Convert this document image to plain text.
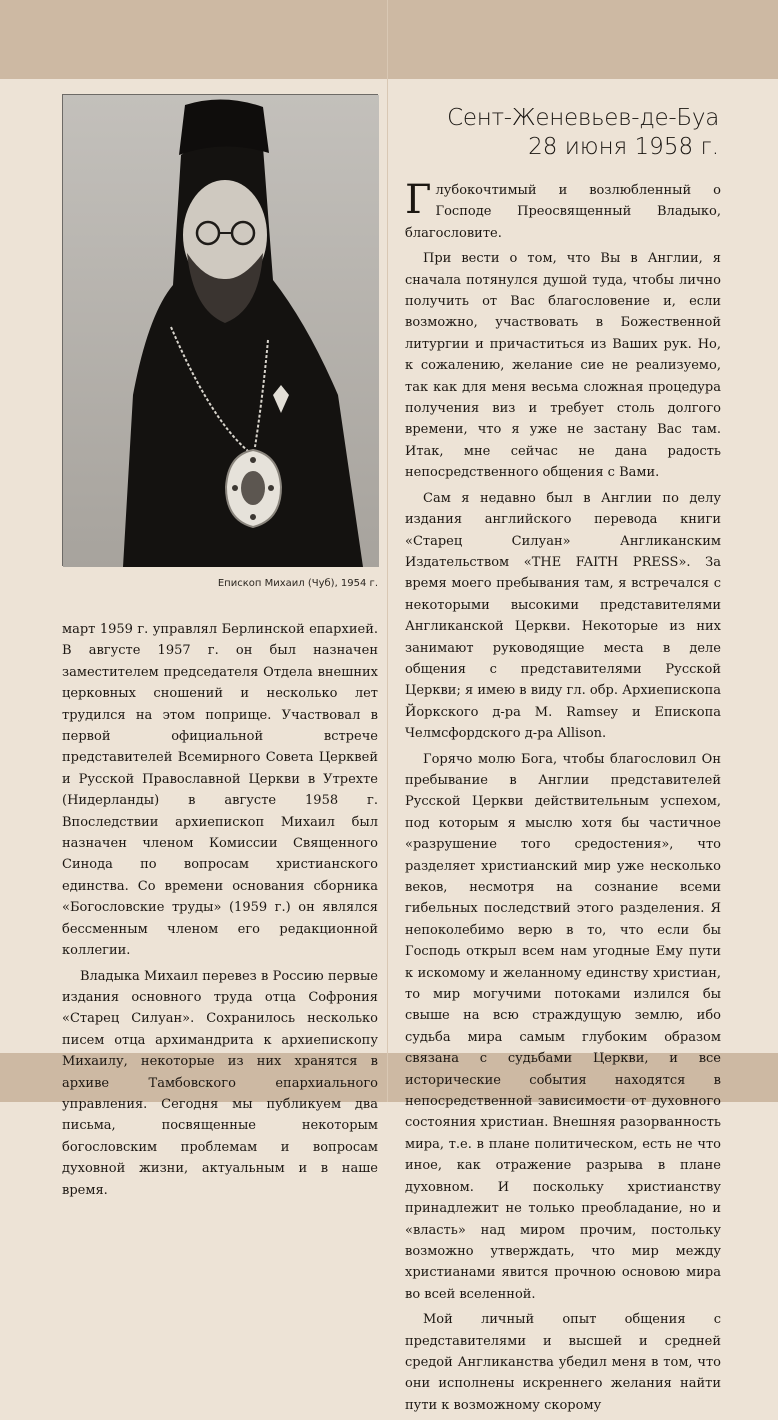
Епископ Михаил (Чуб), 1954 г.

март 1959 г. управлял Берлинской епархией. В августе 1957 г. он был назначен заместителем председателя Отдела внешних церковных сношений и несколько лет трудился на этом поприще. Участвовал в первой официальной встрече представителей Всемирного Совета Церквей и Русской Православной Церкви в Утрехте (Нидерланды) в августе 1958 г. Впоследствии архиепископ Михаил был назначен членом Комиссии Священного Синода по вопросам христианского единства. Со времени основания сборника «Богословские труды» (1959 г.) он являлся бессменным членом его редакционной коллегии.

Владыка Михаил перевез в Россию первые издания основного труда отца Софрония «Старец Силуан». Сохранилось несколько писем отца архимандрита к архиепископу Михаилу, некоторые из них хранятся в архиве Тамбовского епархиального управления. Сегодня мы публикуем два письма, посвященные некоторым богословским проблемам и вопросам духовной жизни, актуальным и в наше время.

Сент-Женевьев-де-Буа
28 июня 1958 г.

Глубокочтимый и возлюбленный о Господе Преосвященный Владыко, благословите.

При вести о том, что Вы в Англии, я сначала потянулся душой туда, чтобы лично получить от Вас благословение и, если возможно, участвовать в Божественной литургии и причаститься из Ваших рук. Но, к сожалению, желание сие не реализуемо, так как для меня весьма сложная процедура получения виз и требует столь долгого времени, что я уже не застану Вас там. Итак, мне сейчас не дана радость непосредственного общения с Вами.

Сам я недавно был в Англии по делу издания английского перевода книги «Старец Силуан» Англиканским Издательством «THE FAITH PRESS». За время моего пребывания там, я встречался с некоторыми высокими представителями Англиканской Церкви. Некоторые из них занимают руководящие места в деле общения с представителями Русской Церкви; я имею в виду гл. обр. Архиепископа Йоркского д-ра M. Ramsey и Епископа Челмсфордского д-ра Allison.

Горячо молю Бога, чтобы благословил Он пребывание в Англии представителей Русской Церкви действительным успехом, под которым я мыслю хотя бы частичное «разрушение того средостения», что разделяет христианский мир уже несколько веков, несмотря на сознание всеми гибельных последствий этого разделения. Я непоколебимо верю в то, что если бы Господь открыл всем нам угодные Ему пути к искомому и желанному единству христиан, то мир могучими потоками излился бы свыше на всю страждущую землю, ибо судьба мира самым глубоким образом связана с судьбами Церкви, и все исторические события находятся в непосредственной зависимости от духовного состояния христиан. Внешняя разорванность мира, т.е. в плане политическом, есть не что иное, как отражение разрыва в плане духовном. И поскольку христианству принадлежит не только преобладание, но и «власть» над миром прочим, постольку возможно утверждать, что мир между христианами явится прочною основою мира во всей вселенной.

Мой личный опыт общения с представителями и высшей и средней средой Англиканства убедил меня в том, что они исполнены искреннего желания найти пути к возможному скорому
